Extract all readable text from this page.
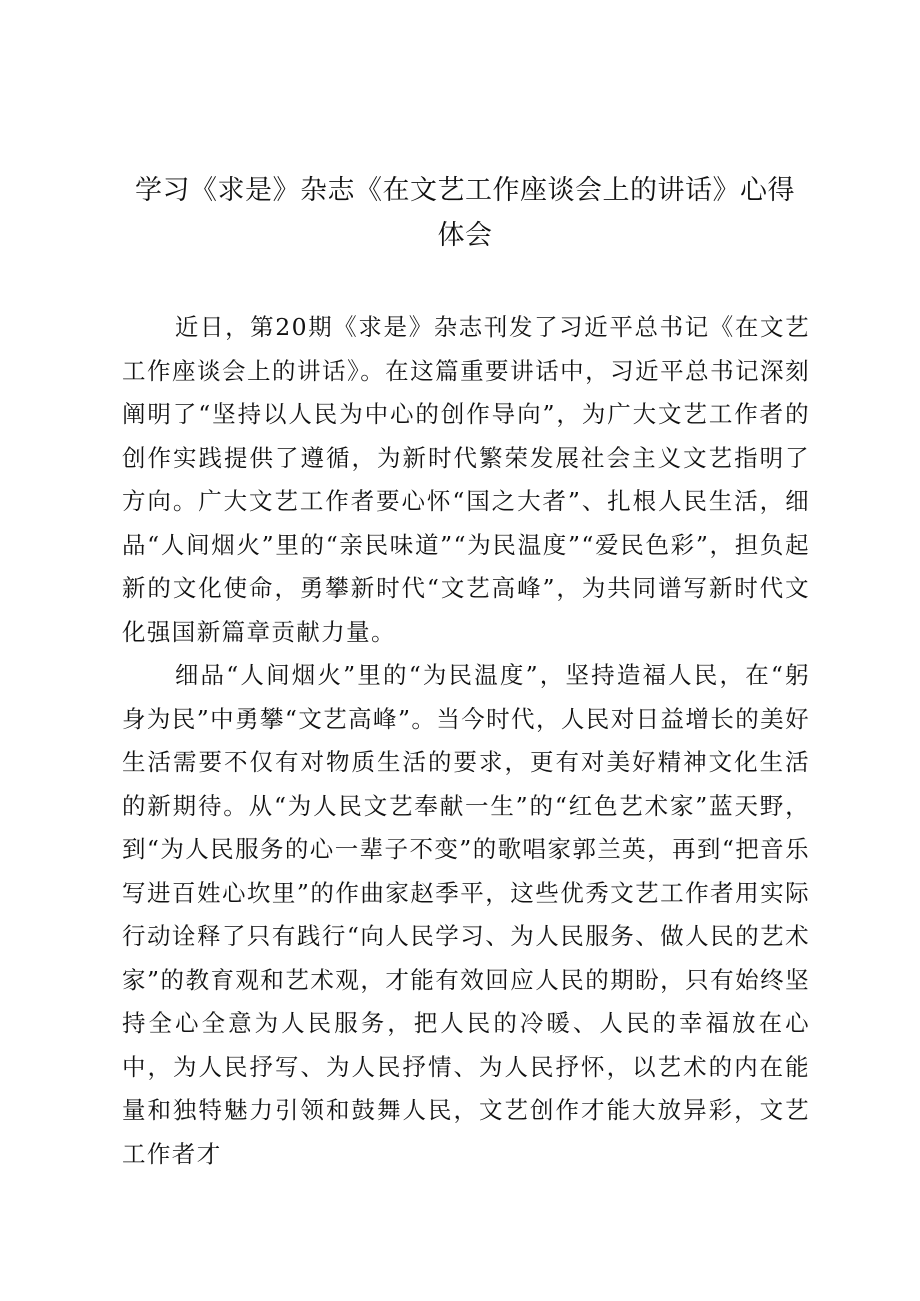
学习《求是》杂志《在文艺工作座谈会上的讲话》心得
体会

近日，第20期《求是》杂志刊发了习近平总书记《在文艺工作座谈会上的讲话》。在这篇重要讲话中，习近平总书记深刻阐明了“坚持以人民为中心的创作导向”，为广大文艺工作者的创作实践提供了遵循，为新时代繁荣发展社会主义文艺指明了方向。广大文艺工作者要心怀“国之大者”、扎根人民生活，细品“人间烟火”里的“亲民味道”“为民温度”“爱民色彩”，担负起新的文化使命，勇攀新时代“文艺高峰”，为共同谱写新时代文化强国新篇章贡献力量。

细品“人间烟火”里的“为民温度”，坚持造福人民，在“躬身为民”中勇攀“文艺高峰”。当今时代，人民对日益增长的美好生活需要不仅有对物质生活的要求，更有对美好精神文化生活的新期待。从“为人民文艺奉献一生”的“红色艺术家”蓝天野，到“为人民服务的心一辈子不变”的歌唱家郭兰英，再到“把音乐写进百姓心坎里”的作曲家赵季平，这些优秀文艺工作者用实际行动诠释了只有践行“向人民学习、为人民服务、做人民的艺术家”的教育观和艺术观，才能有效回应人民的期盼，只有始终坚持全心全意为人民服务，把人民的冷暖、人民的幸福放在心中，为人民抒写、为人民抒情、为人民抒怀，以艺术的内在能量和独特魅力引领和鼓舞人民，文艺创作才能大放异彩，文艺工作者才
